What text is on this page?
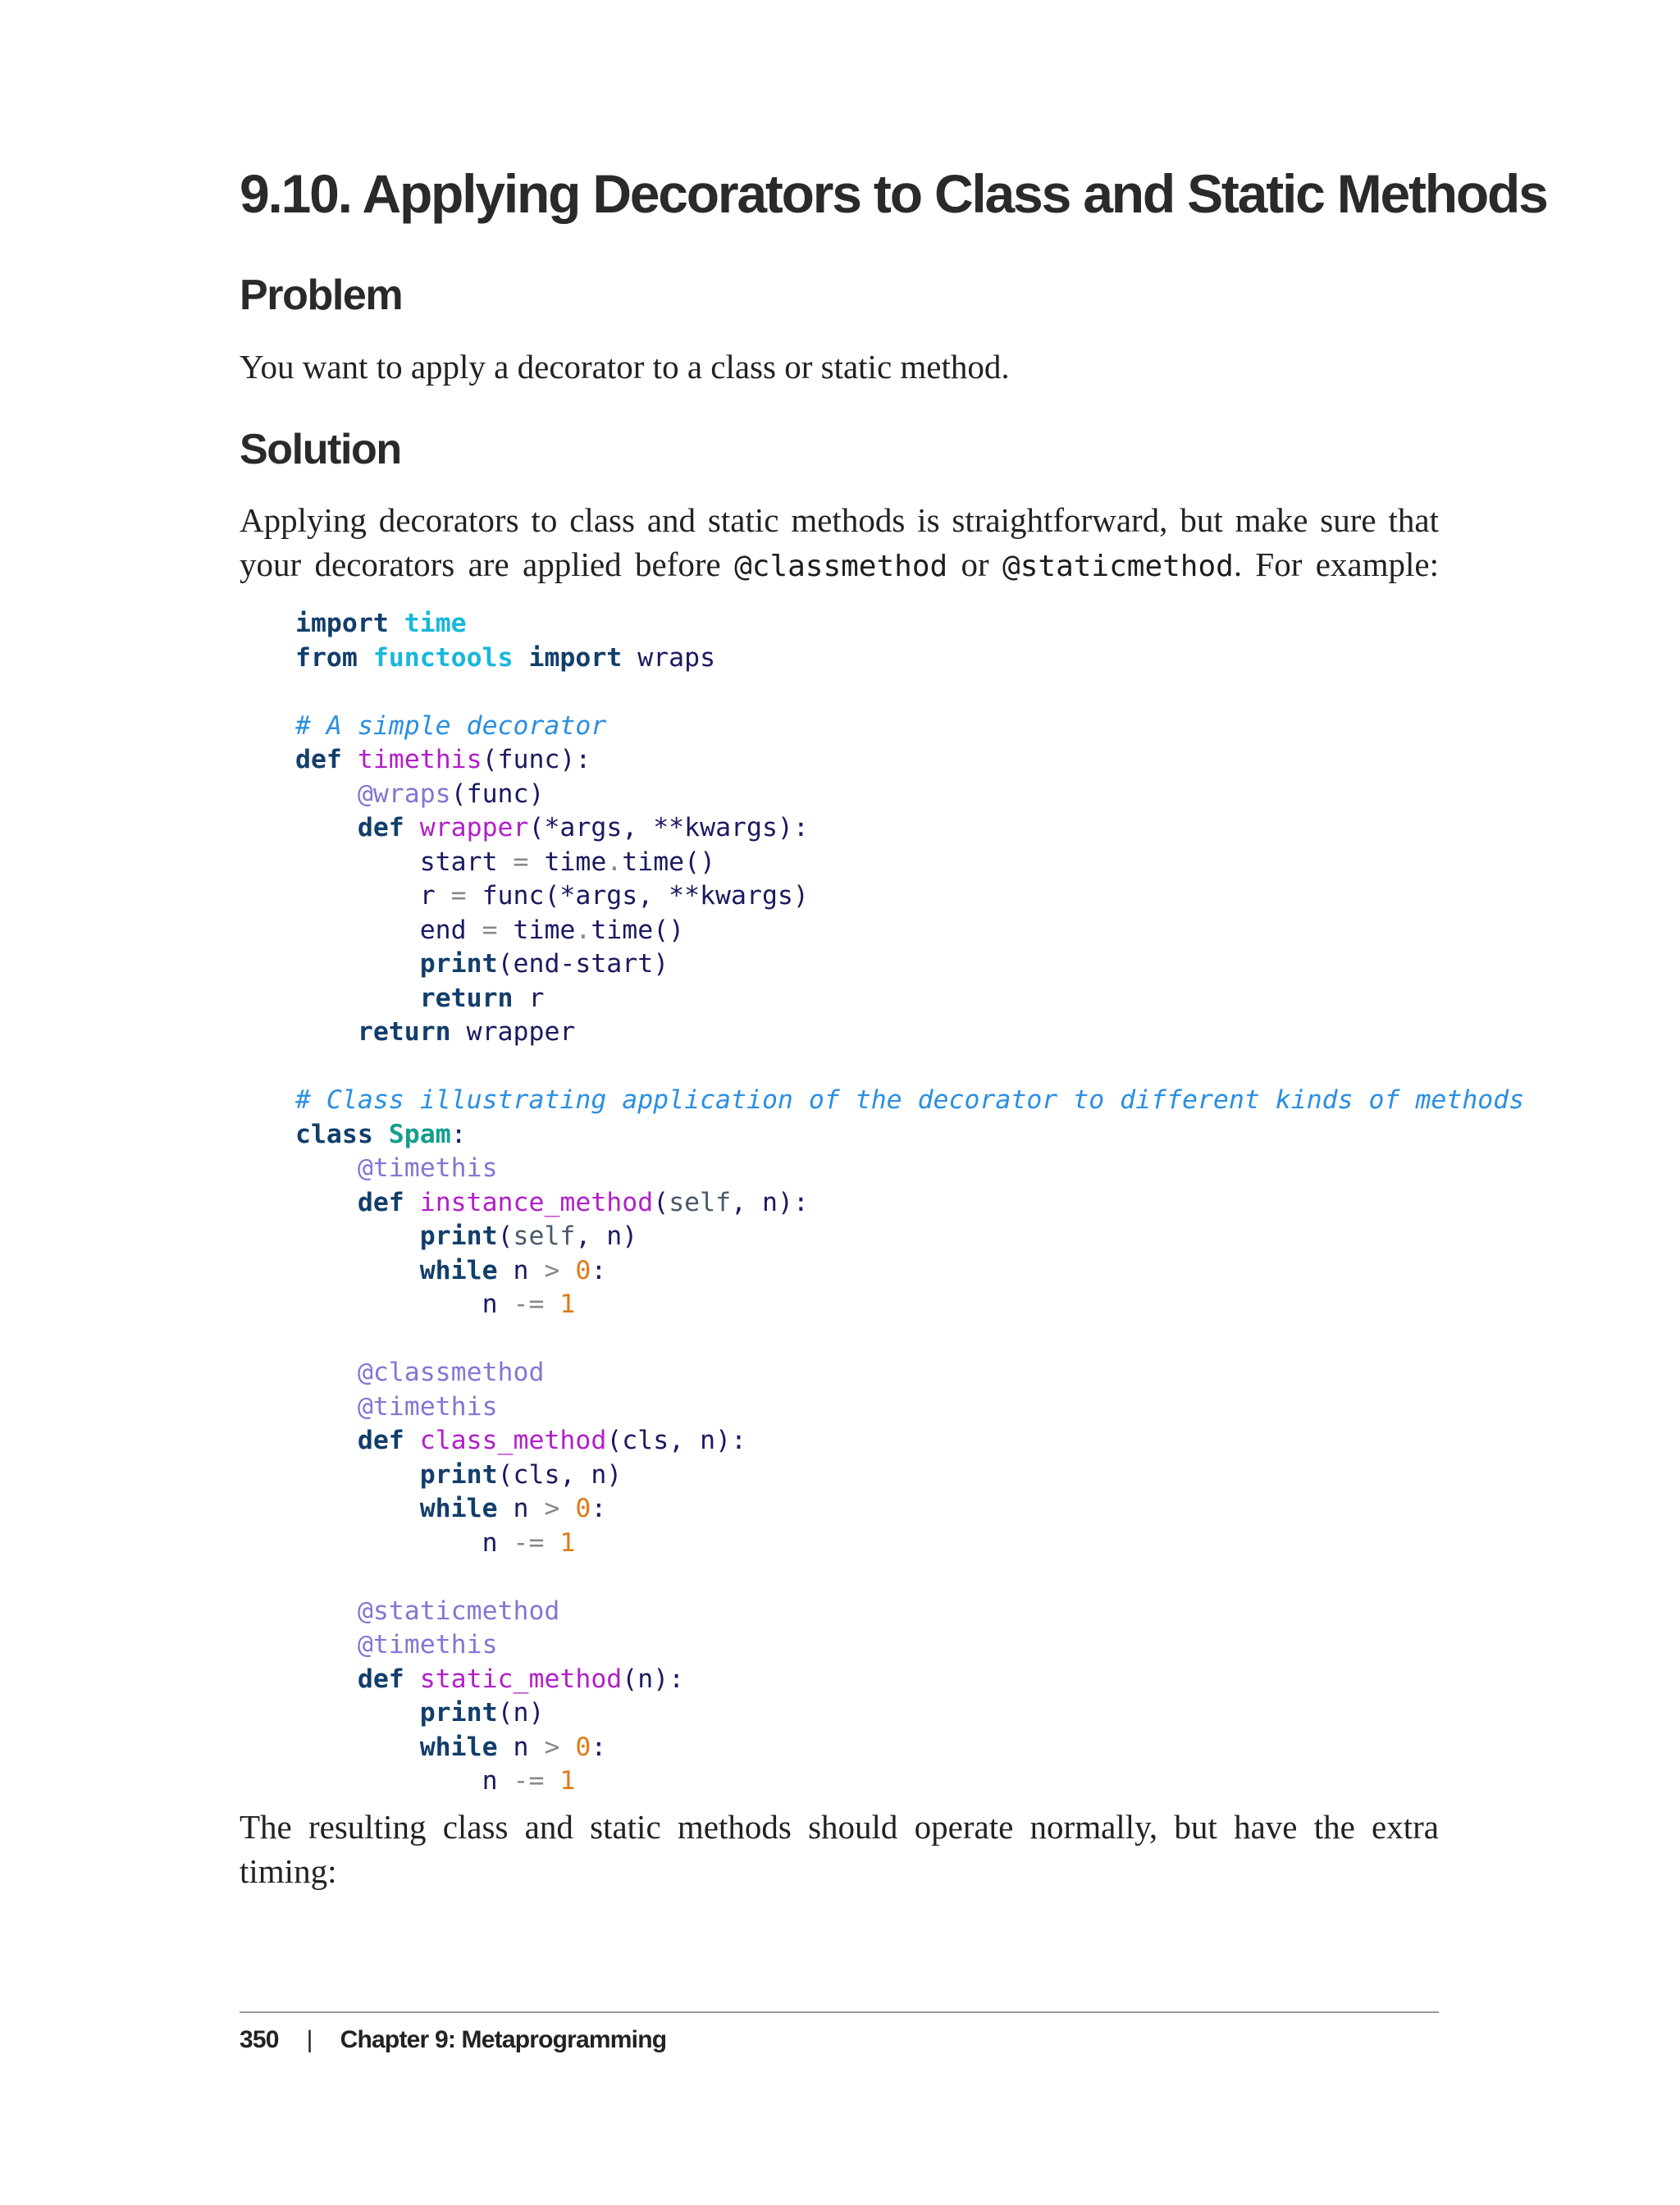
9.10. Applying Decorators to Class and Static Methods
Problem

You want to apply a decorator to a class or static method.

Solution

Applying decorators to class and static methods is straightforward, but make sure that
your decorators are applied before @classmethod or @staticmethod. For example:

import time
from functools import wraps

# A simple decorator
def timethis(func):
@wraps(func)
def wrapper(*args, **kwargs):
start = time.time()
r = func(*args, **kwargs)
end = time.time()
print(end-start)
return r
return wrapper

# Class illustrating application of the decorator to different kinds of methods
class Spam:
@timethis
def instance_method(self, n):
print(self, n)
while n > 0:
n -= 1

@classmethod
@timethis
def class_method(cls, n):
print(cls, n)
while n > 0:
n -= 1

@staticmethod
@timethis
def static_method(n):
print(n)
while n > 0:
n -= 1

The resulting class and static methods should operate normally, but have the extra
timing:

350 | Chapter 9: Metaprogramming
